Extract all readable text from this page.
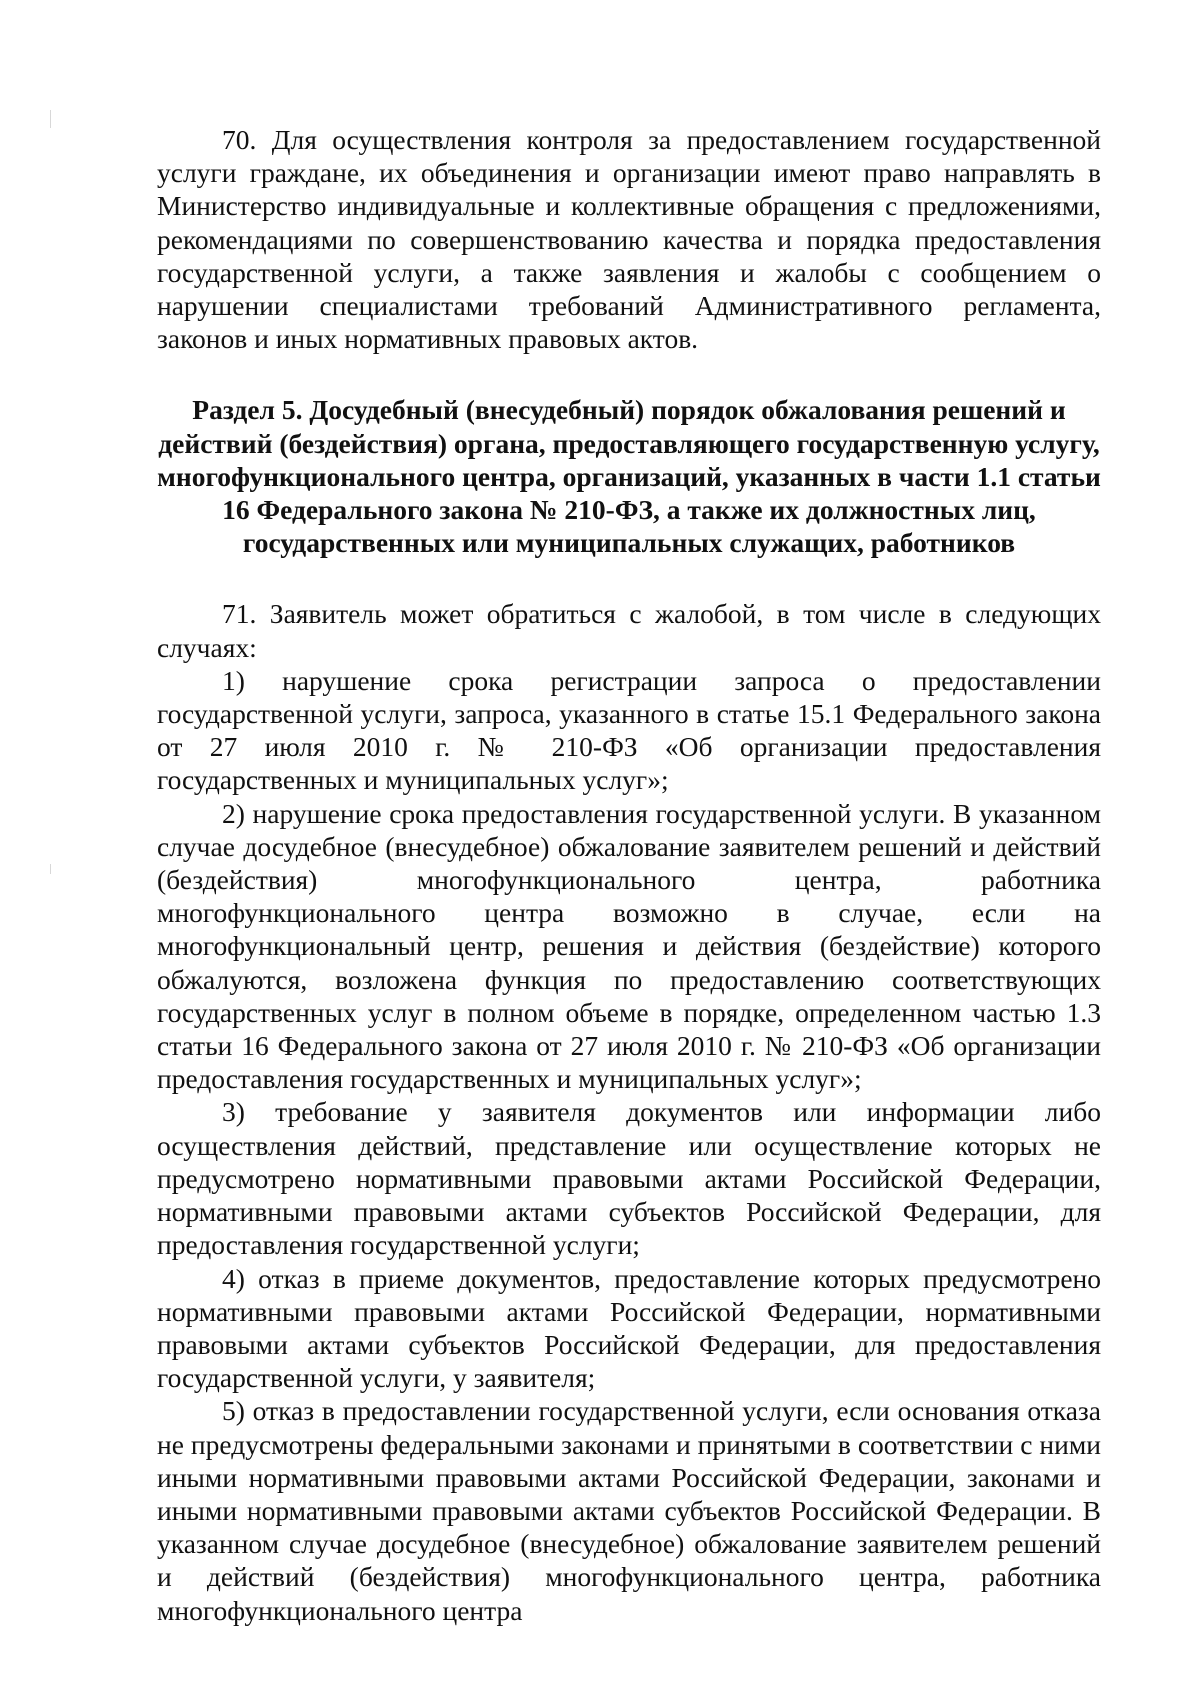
70. Для осуществления контроля за предоставлением государственной услуги граждане, их объединения и организации имеют право направлять в Министерство индивидуальные и коллективные обращения с предложениями, рекомендациями по совершенствованию качества и порядка предоставления государственной услуги, а также заявления и жалобы с сообщением о нарушении специалистами требований Административного регламента, законов и иных нормативных правовых актов.

Раздел 5. Досудебный (внесудебный) порядок обжалования решений и действий (бездействия) органа, предоставляющего государственную услугу, многофункционального центра, организаций, указанных в части 1.1 статьи 16 Федерального закона № 210-ФЗ, а также их должностных лиц, государственных или муниципальных служащих, работников

71. Заявитель может обратиться с жалобой, в том числе в следующих случаях:

1) нарушение срока регистрации запроса о предоставлении государственной услуги, запроса, указанного в статье 15.1 Федерального закона от 27 июля 2010 г. № 210-ФЗ «Об организации предоставления государственных и муниципальных услуг»;
2) нарушение срока предоставления государственной услуги. В указанном случае досудебное (внесудебное) обжалование заявителем решений и действий (бездействия) многофункционального центра, работника многофункционального центра возможно в случае, если на многофункциональный центр, решения и действия (бездействие) которого обжалуются, возложена функция по предоставлению соответствующих государственных услуг в полном объеме в порядке, определенном частью 1.3 статьи 16 Федерального закона от 27 июля 2010 г. № 210-ФЗ «Об организации предоставления государственных и муниципальных услуг»;
3) требование у заявителя документов или информации либо осуществления действий, представление или осуществление которых не предусмотрено нормативными правовыми актами Российской Федерации, нормативными правовыми актами субъектов Российской Федерации, для предоставления государственной услуги;
4) отказ в приеме документов, предоставление которых предусмотрено нормативными правовыми актами Российской Федерации, нормативными правовыми актами субъектов Российской Федерации, для предоставления государственной услуги, у заявителя;
5) отказ в предоставлении государственной услуги, если основания отказа не предусмотрены федеральными законами и принятыми в соответствии с ними иными нормативными правовыми актами Российской Федерации, законами и иными нормативными правовыми актами субъектов Российской Федерации. В указанном случае досудебное (внесудебное) обжалование заявителем решений и действий (бездействия) многофункционального центра, работника многофункционального центра
